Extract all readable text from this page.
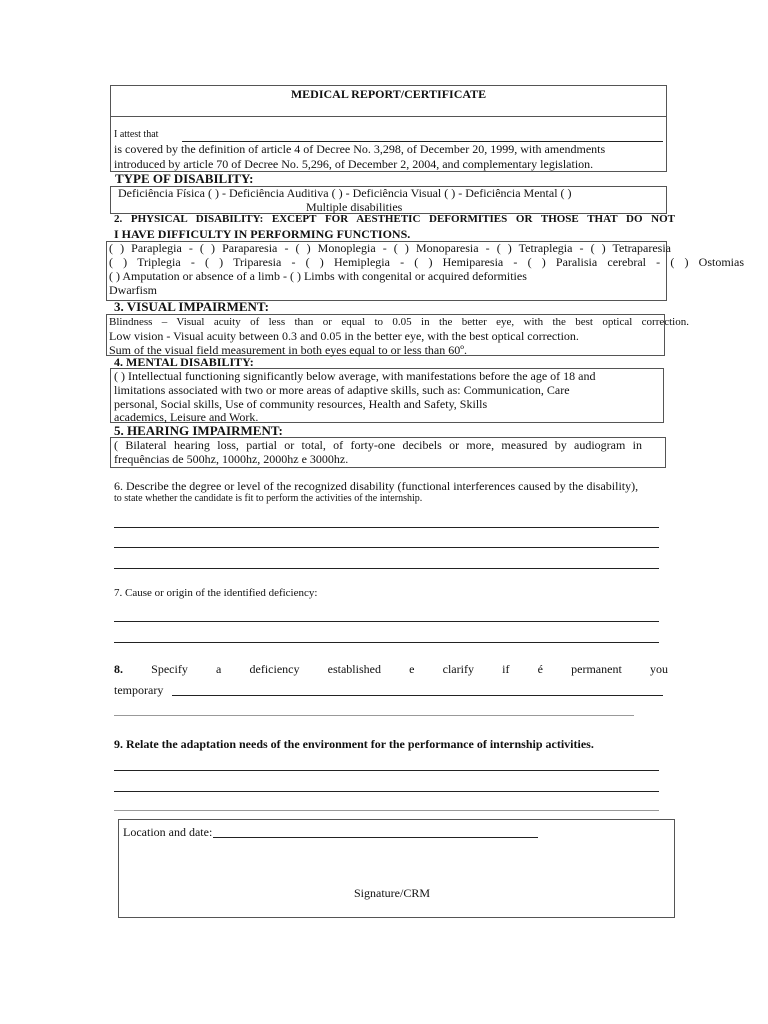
MEDICAL REPORT/CERTIFICATE
I attest that
is covered by the definition of article 4 of Decree No. 3,298, of December 20, 1999, with amendments
introduced by article 70 of Decree No. 5,296, of December 2, 2004, and complementary legislation.
TYPE OF DISABILITY:
Deficiência Física ( ) - Deficiência Auditiva ( ) - Deficiência Visual ( ) - Deficiência Mental ( )
Multiple disabilities
2. PHYSICAL DISABILITY: EXCEPT FOR AESTHETIC DEFORMITIES OR THOSE THAT DO NOT
I HAVE DIFFICULTY IN PERFORMING FUNCTIONS.
( ) Paraplegia - ( ) Paraparesia - ( ) Monoplegia - ( ) Monoparesia - ( ) Tetraplegia - ( ) Tetraparesia
( ) Triplegia - ( ) Triparesia - ( ) Hemiplegia - ( ) Hemiparesia - ( ) Paralisia cerebral - ( ) Ostomias
( ) Amputation or absence of a limb - ( ) Limbs with congenital or acquired deformities
Dwarfism
3. VISUAL IMPAIRMENT:
Blindness – Visual acuity of less than or equal to 0.05 in the better eye, with the best optical correction.
Low vision - Visual acuity between 0.3 and 0.05 in the better eye, with the best optical correction.
Sum of the visual field measurement in both eyes equal to or less than 60º.
4. MENTAL DISABILITY:
( ) Intellectual functioning significantly below average, with manifestations before the age of 18 and
limitations associated with two or more areas of adaptive skills, such as: Communication, Care
personal, Social skills, Use of community resources, Health and Safety, Skills
academics, Leisure and Work.
5. HEARING IMPAIRMENT:
( Bilateral hearing loss, partial or total, of forty-one decibels or more, measured by audiogram in
frequências de 500hz, 1000hz, 2000hz e 3000hz.
6. Describe the degree or level of the recognized disability (functional interferences caused by the disability),
to state whether the candidate is fit to perform the activities of the internship.
7. Cause or origin of the identified deficiency:
8. Specify a deficiency established e clarify if é permanent you
temporary
9. Relate the adaptation needs of the environment for the performance of internship activities.
Location and date:
Signature/CRM
